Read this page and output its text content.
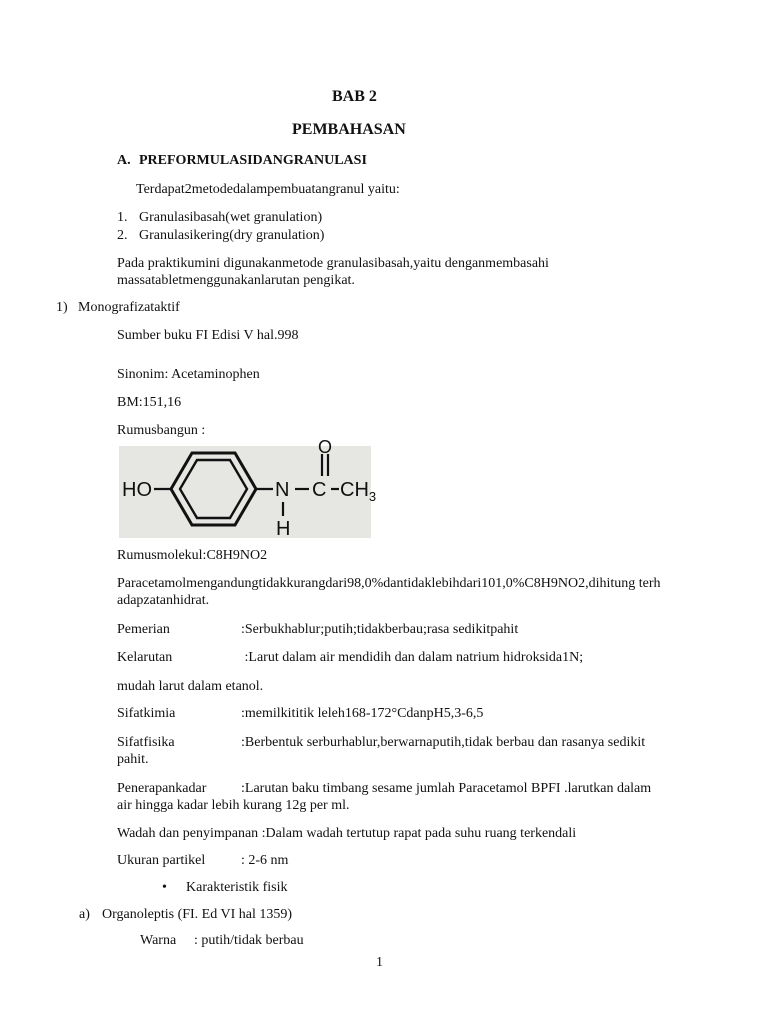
BAB 2
PEMBAHASAN
A. PREFORMULASIDANGRANULASI
Terdapat2metodedalampembuatangranul yaitu:
1. Granulasibasah(wet granulation)
2. Granulasikering(dry granulation)
Pada praktikumini digunakanmetode granulasibasah,yaitu denganmembasahi massatabletmenggunakanlarutan pengikat.
1) Monografizataktif
Sumber buku FI Edisi V hal.998
Sinonim: Acetaminophen
BM:151,16
Rumusbangun :
HO	N C
O
$CH_3$
H
Rumusmolekul:C8H9NO2
Paracetamolmengandungtidakkurangdari98,0%dantidaklebihdari101,0%C8H9NO2,dihitung terhadapzatanhidrat.
Pemerian	:Serbukhablur;putih;tidakberbau;rasa sedikitpahit
Kelarutan	:Larut dalam air mendidih dan dalam natrium hidroksida1N;
mudah larut dalam etanol.
Sifatkimia	:memilkititik leleh168-172°CdanpH5,3-6,5
Sifatfisika	:Berbentuk serburhablur,berwarnaputih,tidak berbau dan rasanya sedikit pahit.
Penerapankadar :Larutan baku timbang sesame jumlah Paracetamol BPFI .larutkan dalam air hingga kadar lebih kurang 12g per ml.
Wadah dan penyimpanan :Dalam wadah tertutup rapat pada suhu ruang terkendali
Ukuran partikel	: 2-6 nm
• Karakteristik fisik
a) Organoleptis (FI. Ed VI hal 1359)
Warna : putih/tidak berbau
1
